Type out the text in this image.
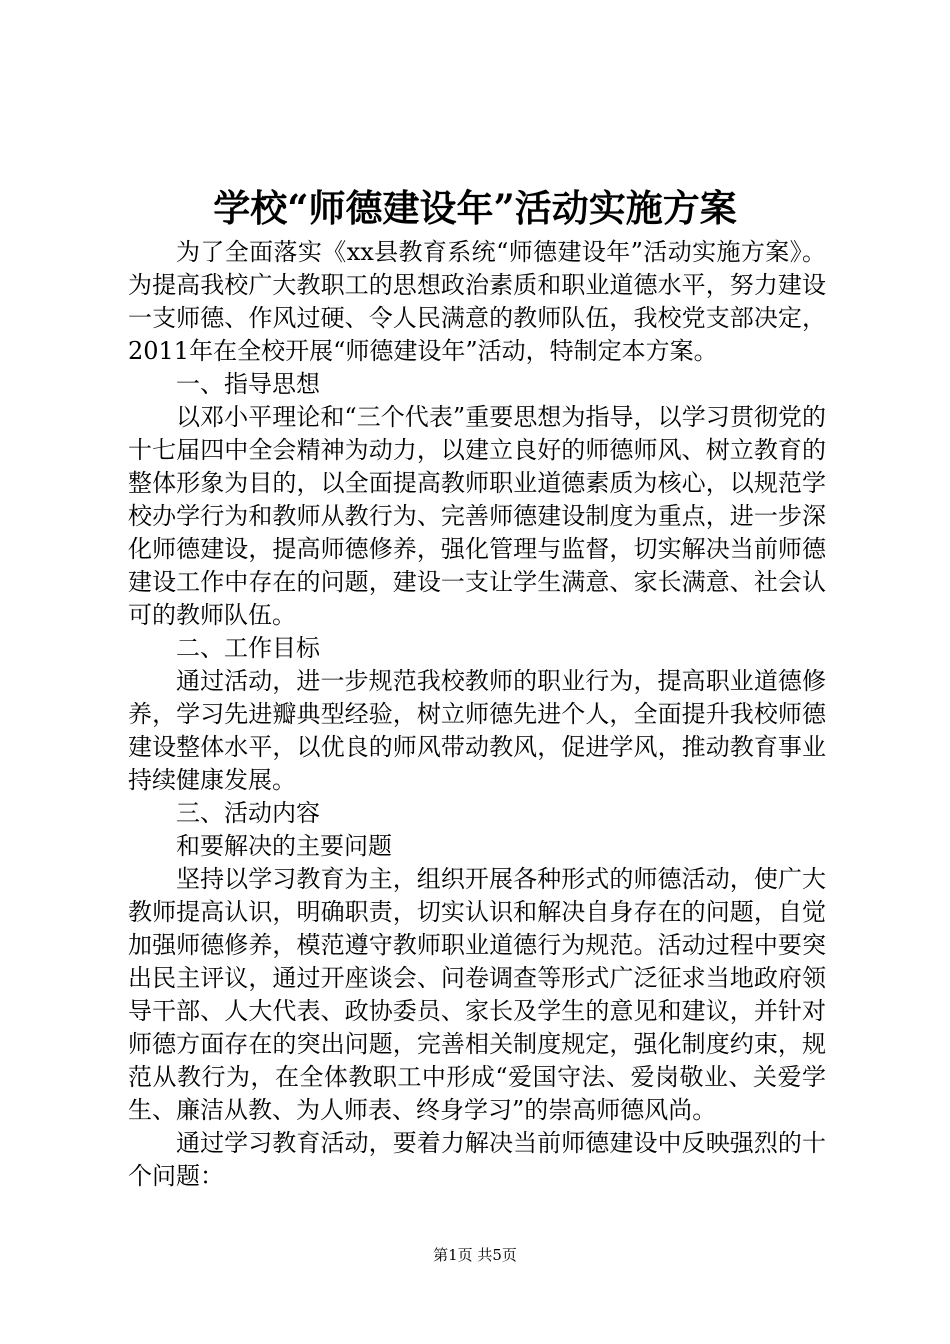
学校“师德建设年”活动实施方案

为了全面落实《xx县教育系统“师德建设年”活动实施方案》。为提高我校广大教职工的思想政治素质和职业道德水平，努力建设一支师德、作风过硬、令人民满意的教师队伍，我校党支部决定，2011年在全校开展“师德建设年”活动，特制定本方案。

一、指导思想

以邓小平理论和“三个代表”重要思想为指导，以学习贯彻党的十七届四中全会精神为动力，以建立良好的师德师风、树立教育的整体形象为目的，以全面提高教师职业道德素质为核心，以规范学校办学行为和教师从教行为、完善师德建设制度为重点，进一步深化师德建设，提高师德修养，强化管理与监督，切实解决当前师德建设工作中存在的问题，建设一支让学生满意、家长满意、社会认可的教师队伍。

二、工作目标

通过活动，进一步规范我校教师的职业行为，提高职业道德修养，学习先进瓣典型经验，树立师德先进个人，全面提升我校师德建设整体水平，以优良的师风带动教风，促进学风，推动教育事业持续健康发展。

三、活动内容

和要解决的主要问题

坚持以学习教育为主，组织开展各种形式的师德活动，使广大教师提高认识，明确职责，切实认识和解决自身存在的问题，自觉加强师德修养，模范遵守教师职业道德行为规范。活动过程中要突出民主评议，通过开座谈会、问卷调查等形式广泛征求当地政府领导干部、人大代表、政协委员、家长及学生的意见和建议，并针对师德方面存在的突出问题，完善相关制度规定，强化制度约束，规范从教行为，在全体教职工中形成“爱国守法、爱岗敬业、关爱学生、廉洁从教、为人师表、终身学习”的崇高师德风尚。

通过学习教育活动，要着力解决当前师德建设中反映强烈的十个问题：

第1页 共5页
